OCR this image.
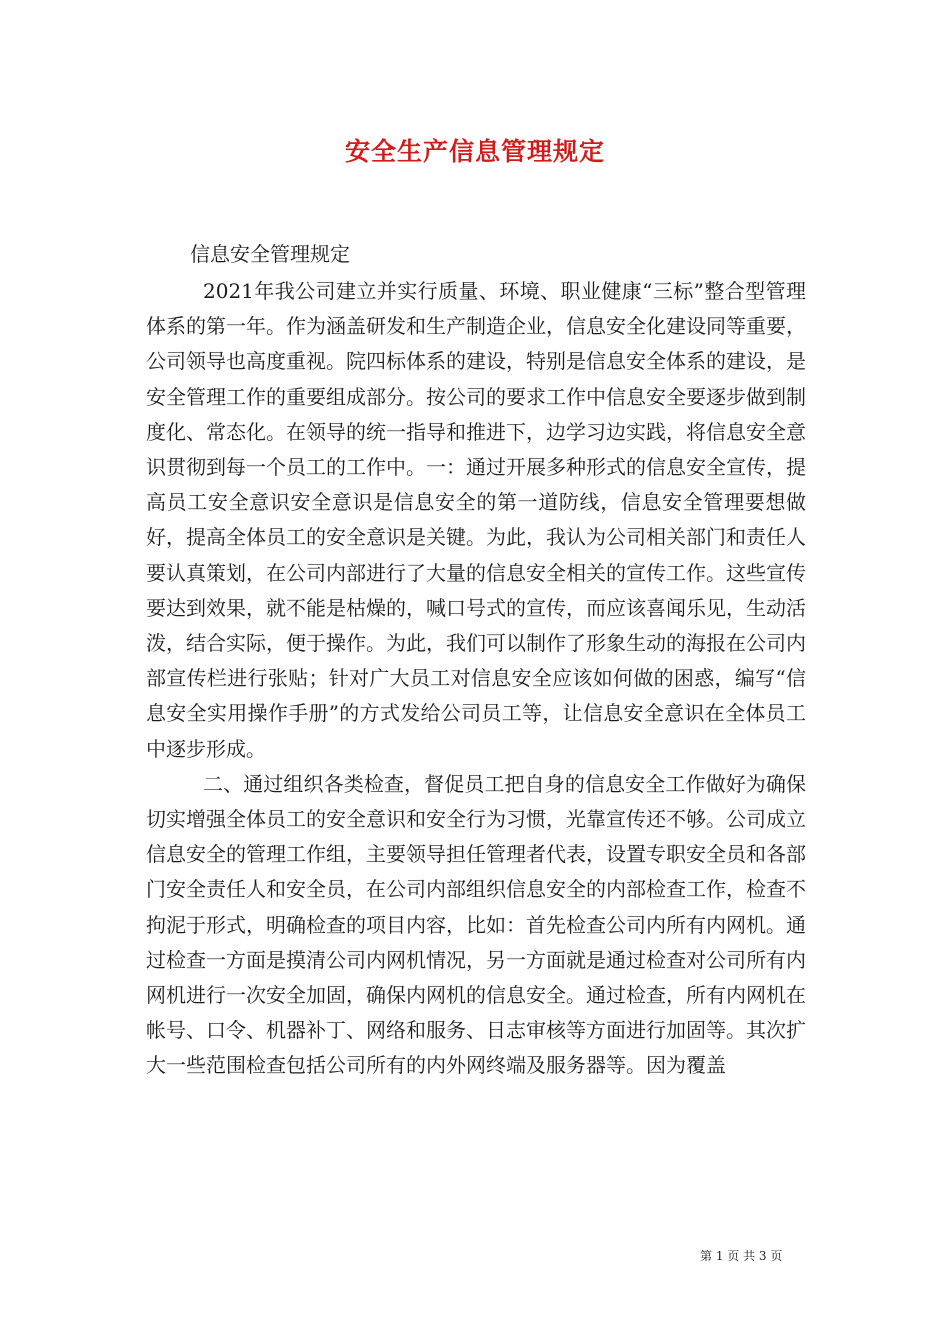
安全生产信息管理规定
信息安全管理规定

2021年我公司建立并实行质量、环境、职业健康“三标”整合型管理体系的第一年。作为涵盖研发和生产制造企业，信息安全化建设同等重要，公司领导也高度重视。院四标体系的建设，特别是信息安全体系的建设，是安全管理工作的重要组成部分。按公司的要求工作中信息安全要逐步做到制度化、常态化。在领导的统一指导和推进下，边学习边实践，将信息安全意识贯彻到每一个员工的工作中。一：通过开展多种形式的信息安全宣传，提高员工安全意识安全意识是信息安全的第一道防线，信息安全管理要想做好，提高全体员工的安全意识是关键。为此，我认为公司相关部门和责任人要认真策划，在公司内部进行了大量的信息安全相关的宣传工作。这些宣传要达到效果，就不能是枯燥的，喊口号式的宣传，而应该喜闻乐见，生动活泼，结合实际，便于操作。为此，我们可以制作了形象生动的海报在公司内部宣传栏进行张贴；针对广大员工对信息安全应该如何做的困惑，编写“信息安全实用操作手册”的方式发给公司员工等，让信息安全意识在全体员工中逐步形成。

二、通过组织各类检查，督促员工把自身的信息安全工作做好为确保切实增强全体员工的安全意识和安全行为习惯，光靠宣传还不够。公司成立信息安全的管理工作组，主要领导担任管理者代表，设置专职安全员和各部门安全责任人和安全员，在公司内部组织信息安全的内部检查工作，检查不拘泥于形式，明确检查的项目内容，比如：首先检查公司内所有内网机。通过检查一方面是摸清公司内网机情况，另一方面就是通过检查对公司所有内网机进行一次安全加固，确保内网机的信息安全。通过检查，所有内网机在帐号、口令、机器补丁、网络和服务、日志审核等方面进行加固等。其次扩大一些范围检查包括公司所有的内外网终端及服务器等。因为覆盖

第 1 页 共 3 页
